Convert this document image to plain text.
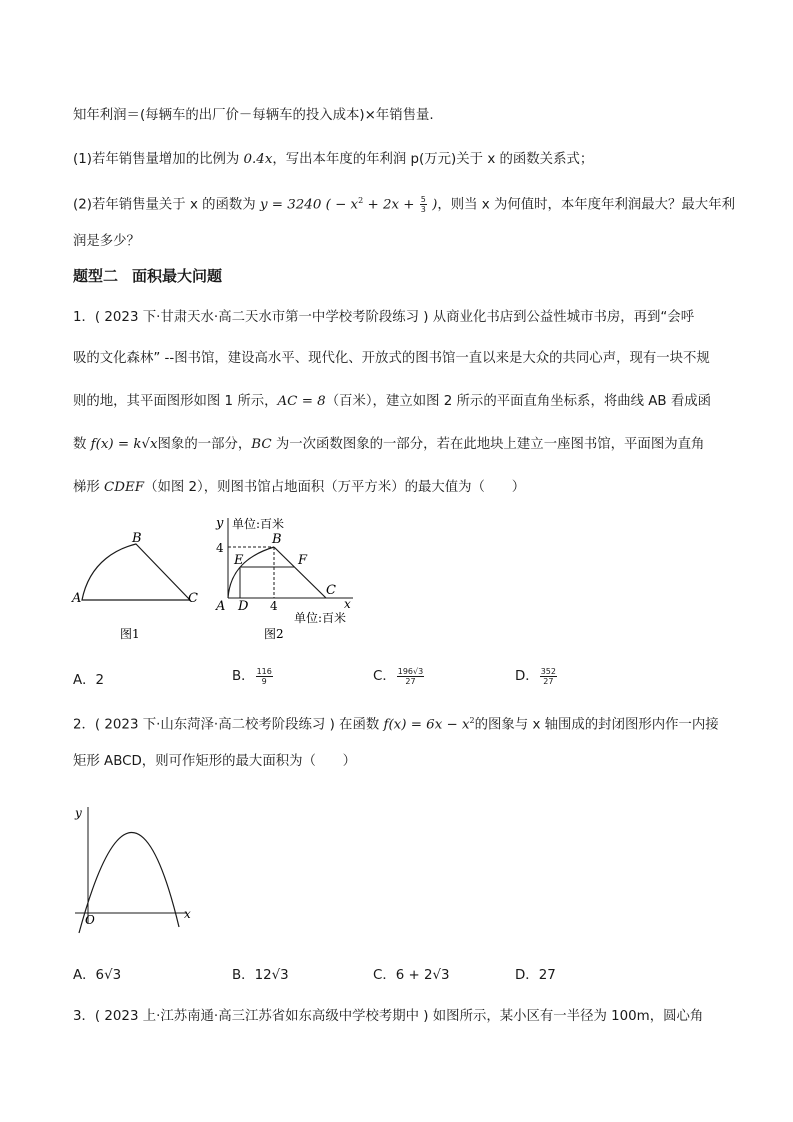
知年利润＝(每辆车的出厂价－每辆车的投入成本)×年销售量.
(1)若年销售量增加的比例为 0.4x，写出本年度的年利润 p(万元)关于 x 的函数关系式；
(2)若年销售量关于 x 的函数为 y = 3240 ( − $x^2 + 2x + \frac{5}{3}$ )，则当 x 为何值时，本年度年利润最大？最大年利
润是多少？
题型二 面积最大问题
1．( 2023 下·甘肃天水·高二天水市第一中学校考阶段练习 ) 从商业化书店到公益性城市书房，再到“会呼
吸的文化森林” --图书馆，建设高水平、现代化、开放式的图书馆一直以来是大众的共同心声，现有一块不规
则的地，其平面图形如图 1 所示，AC = 8（百米），建立如图 2 所示的平面直角坐标系，将曲线 AB 看成函
数 f(x) = k√x图象的一部分，BC 为一次函数图象的一部分，若在此地块上建立一座图书馆，平面图为直角
梯形 CDEF（如图 2），则图书馆占地面积（万平方米）的最大值为（　　）
B
A	C
图1
y 单位:百米
4
B
E	F
C
A D 4	x
单位:百米
图2
A．2	B． $\frac{116}{9}$	C． $\frac{196√3}{27}$	D． $\frac{352}{27}$
2．( 2023 下·山东菏泽·高二校考阶段练习 ) 在函数 $f(x) = 6x - x^2$的图象与 x 轴围成的封闭图形内作一内接
矩形 ABCD，则可作矩形的最大面积为（　　）
y
O	x
A．6√3	B．12√3	C．6 + 2√3	D．27
3．( 2023 上·江苏南通·高三江苏省如东高级中学校考期中 ) 如图所示，某小区有一半径为 100m，圆心角
